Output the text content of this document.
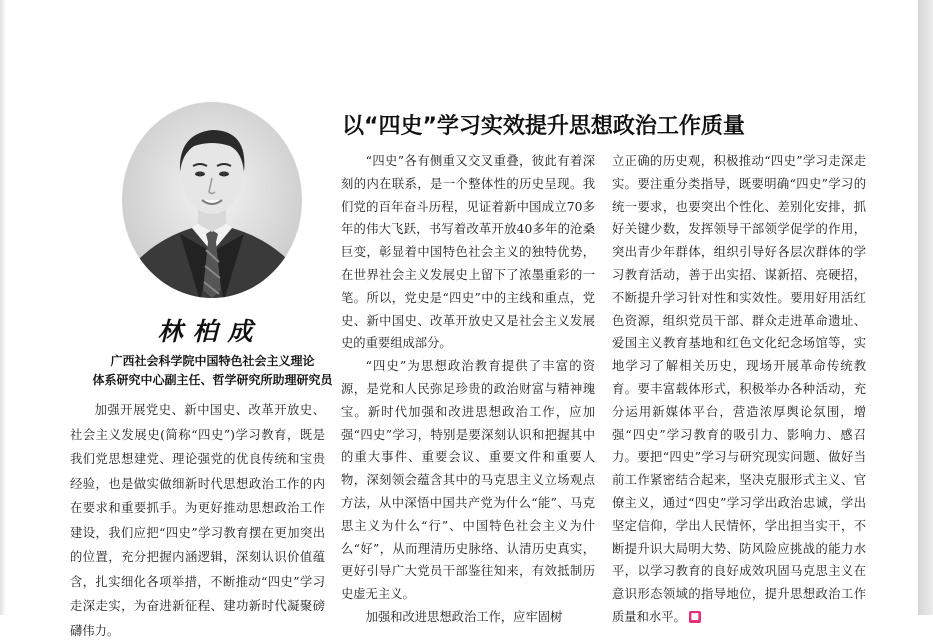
林柏成
广西社会科学院中国特色社会主义理论
体系研究中心副主任、哲学研究所助理研究员
加强开展党史、新中国史、改革开放史、社会主义发展史(简称“四史”)学习教育，既是我们党思想建党、理论强党的优良传统和宝贵经验，也是做实做细新时代思想政治工作的内在要求和重要抓手。为更好推动思想政治工作建设，我们应把“四史”学习教育摆在更加突出的位置，充分把握内涵逻辑，深刻认识价值蕴含，扎实细化各项举措，不断推动“四史”学习走深走实，为奋进新征程、建功新时代凝聚磅礴伟力。
以“四史”学习实效提升思想政治工作质量

“四史”各有侧重又交叉重叠，彼此有着深刻的内在联系，是一个整体性的历史呈现。我们党的百年奋斗历程，见证着新中国成立70多年的伟大飞跃，书写着改革开放40多年的沧桑巨变，彰显着中国特色社会主义的独特优势，在世界社会主义发展史上留下了浓墨重彩的一笔。所以，党史是“四史”中的主线和重点，党史、新中国史、改革开放史又是社会主义发展史的重要组成部分。

“四史”为思想政治教育提供了丰富的资源，是党和人民弥足珍贵的政治财富与精神瑰宝。新时代加强和改进思想政治工作，应加强“四史”学习，特别是要深刻认识和把握其中的重大事件、重要会议、重要文件和重要人物，深刻领会蕴含其中的马克思主义立场观点方法，从中深悟中国共产党为什么“能”、马克思主义为什么“行”、中国特色社会主义为什么“好”，从而理清历史脉络、认清历史真实，更好引导广大党员干部鉴往知来，有效抵制历史虚无主义。

加强和改进思想政治工作，应牢固树

立正确的历史观，积极推动“四史”学习走深走实。要注重分类指导，既要明确“四史”学习的统一要求，也要突出个性化、差别化安排，抓好关键少数，发挥领导干部领学促学的作用，突出青少年群体，组织引导好各层次群体的学习教育活动，善于出实招、谋新招、亮硬招，不断提升学习针对性和实效性。要用好用活红色资源，组织党员干部、群众走进革命遗址、爱国主义教育基地和红色文化纪念场馆等，实地学习了解相关历史，现场开展革命传统教育。要丰富载体形式，积极举办各种活动，充分运用新媒体平台，营造浓厚舆论氛围，增强“四史”学习教育的吸引力、影响力、感召力。要把“四史”学习与研究现实问题、做好当前工作紧密结合起来，坚决克服形式主义、官僚主义，通过“四史”学习学出政治忠诚，学出坚定信仰，学出人民情怀，学出担当实干，不断提升识大局明大势、防风险应挑战的能力水平，以学习教育的良好成效巩固马克思主义在意识形态领域的指导地位，提升思想政治工作质量和水平。 ■
